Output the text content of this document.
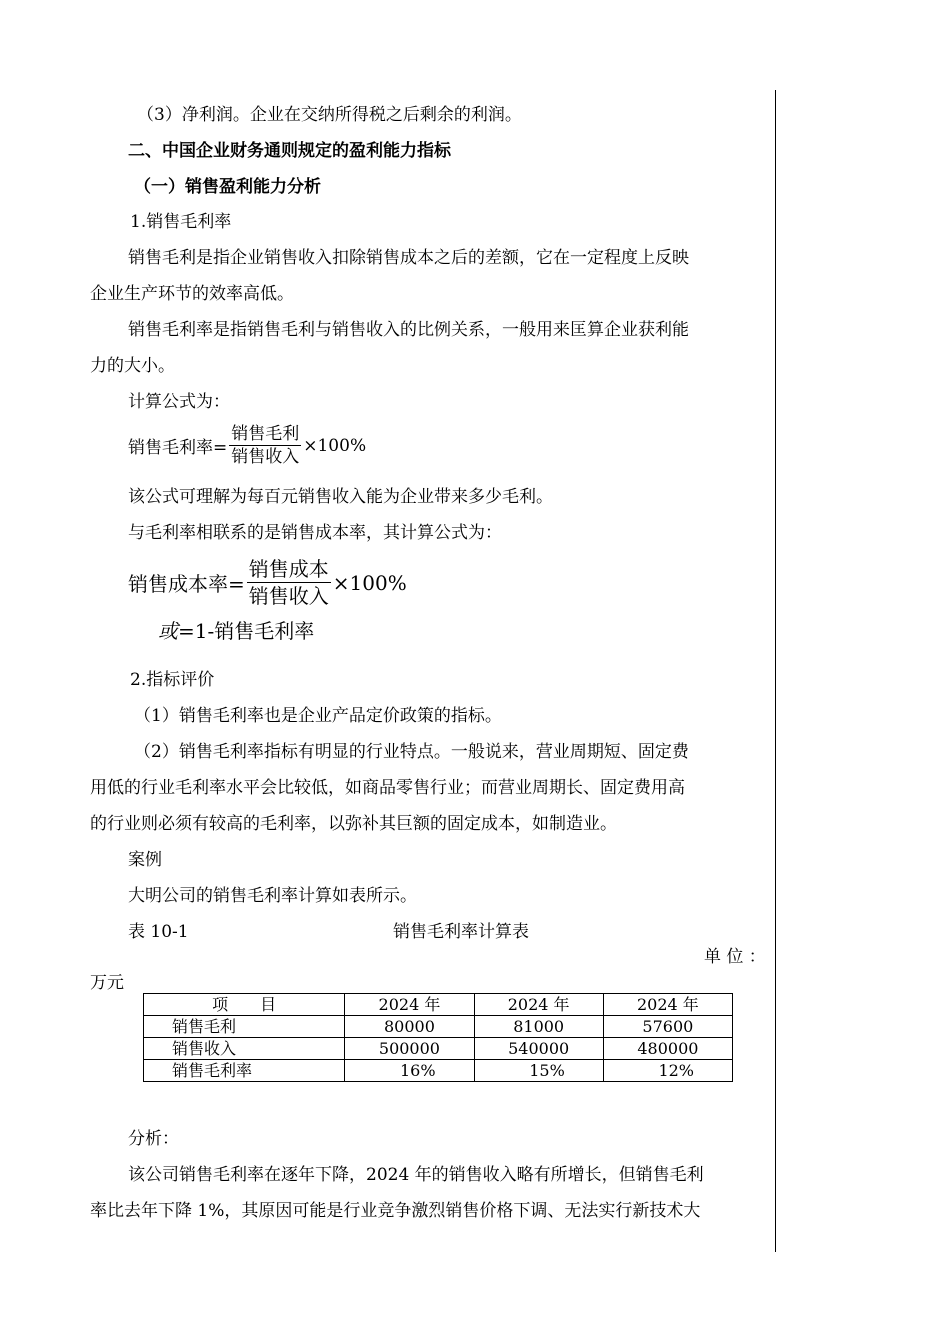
（3）净利润。企业在交纳所得税之后剩余的利润。
二、中国企业财务通则规定的盈利能力指标
（一）销售盈利能力分析
1.销售毛利率
销售毛利是指企业销售收入扣除销售成本之后的差额，它在一定程度上反映
企业生产环节的效率高低。
销售毛利率是指销售毛利与销售收入的比例关系，一般用来匡算企业获利能
力的大小。
计算公式为：
销售毛利率= $\frac{\text{销售毛利}}{\text{销售收入}} \times 100\%$
该公式可理解为每百元销售收入能为企业带来多少毛利。
与毛利率相联系的是销售成本率，其计算公式为：
销售成本率= $\frac{\text{销售成本}}{\text{销售收入}} \times 100\%$
或=1-销售毛利率
2.指标评价
（1）销售毛利率也是企业产品定价政策的指标。
（2）销售毛利率指标有明显的行业特点。一般说来，营业周期短、固定费
用低的行业毛利率水平会比较低，如商品零售行业；而营业周期长、固定费用高
的行业则必须有较高的毛利率，以弥补其巨额的固定成本，如制造业。
案例
大明公司的销售毛利率计算如表所示。
表 10-1	销售毛利率计算表
单 位 ：
万元
项　　目	2024 年	2024 年	2024 年
销售毛利	80000	81000	57600
销售收入	500000	540000	480000
销售毛利率	16%	15%	12%
分析：
该公司销售毛利率在逐年下降，2024 年的销售收入略有所增长，但销售毛利
率比去年下降 1%，其原因可能是行业竞争激烈销售价格下调、无法实行新技术大
